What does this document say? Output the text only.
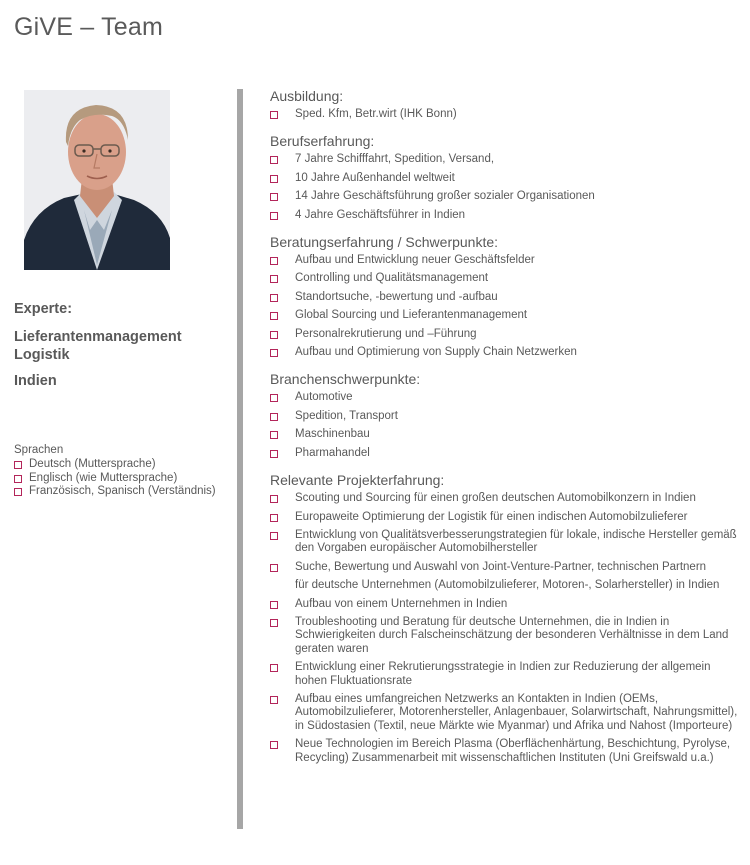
GiVE – Team
Experte:
Lieferantenmanagement
Logistik
Indien
Sprachen
Deutsch (Muttersprache)
Englisch (wie Muttersprache)
Französisch, Spanisch (Verständnis)
Ausbildung:
Sped. Kfm, Betr.wirt (IHK Bonn)
Berufserfahrung:
7 Jahre Schifffahrt, Spedition, Versand,
10 Jahre Außenhandel weltweit
14 Jahre Geschäftsführung großer sozialer Organisationen
4 Jahre Geschäftsführer in Indien
Beratungserfahrung / Schwerpunkte:
Aufbau und Entwicklung neuer Geschäftsfelder
Controlling und Qualitätsmanagement
Standortsuche, -bewertung und -aufbau
Global Sourcing und Lieferantenmanagement
Personalrekrutierung und –Führung
Aufbau und Optimierung von Supply Chain Netzwerken
Branchenschwerpunkte:
Automotive
Spedition, Transport
Maschinenbau
Pharmahandel
Relevante Projekterfahrung:
Scouting und Sourcing für einen großen deutschen Automobilkonzern in Indien
Europaweite Optimierung der Logistik für einen indischen Automobilzulieferer
Entwicklung von Qualitätsverbesserungstrategien für lokale, indische Hersteller gemäß den Vorgaben europäischer Automobilhersteller
Suche, Bewertung und Auswahl von Joint-Venture-Partner, technischen Partnern
für deutsche Unternehmen (Automobilzulieferer, Motoren-, Solarhersteller) in Indien
Aufbau von einem Unternehmen in Indien
Troubleshooting und Beratung für deutsche Unternehmen, die in Indien in Schwierigkeiten durch Falscheinschätzung der besonderen Verhältnisse in dem Land geraten waren
Entwicklung einer Rekrutierungsstrategie in Indien zur Reduzierung der allgemein hohen Fluktuationsrate
Aufbau eines umfangreichen Netzwerks an Kontakten in Indien (OEMs, Automobilzulieferer, Motorenhersteller, Anlagenbauer, Solarwirtschaft, Nahrungsmittel), in Südostasien (Textil, neue Märkte wie Myanmar) und Afrika und Nahost (Importeure)
Neue Technologien im Bereich Plasma (Oberflächenhärtung, Beschichtung, Pyrolyse, Recycling) Zusammenarbeit mit wissenschaftlichen Instituten (Uni Greifswald u.a.)
